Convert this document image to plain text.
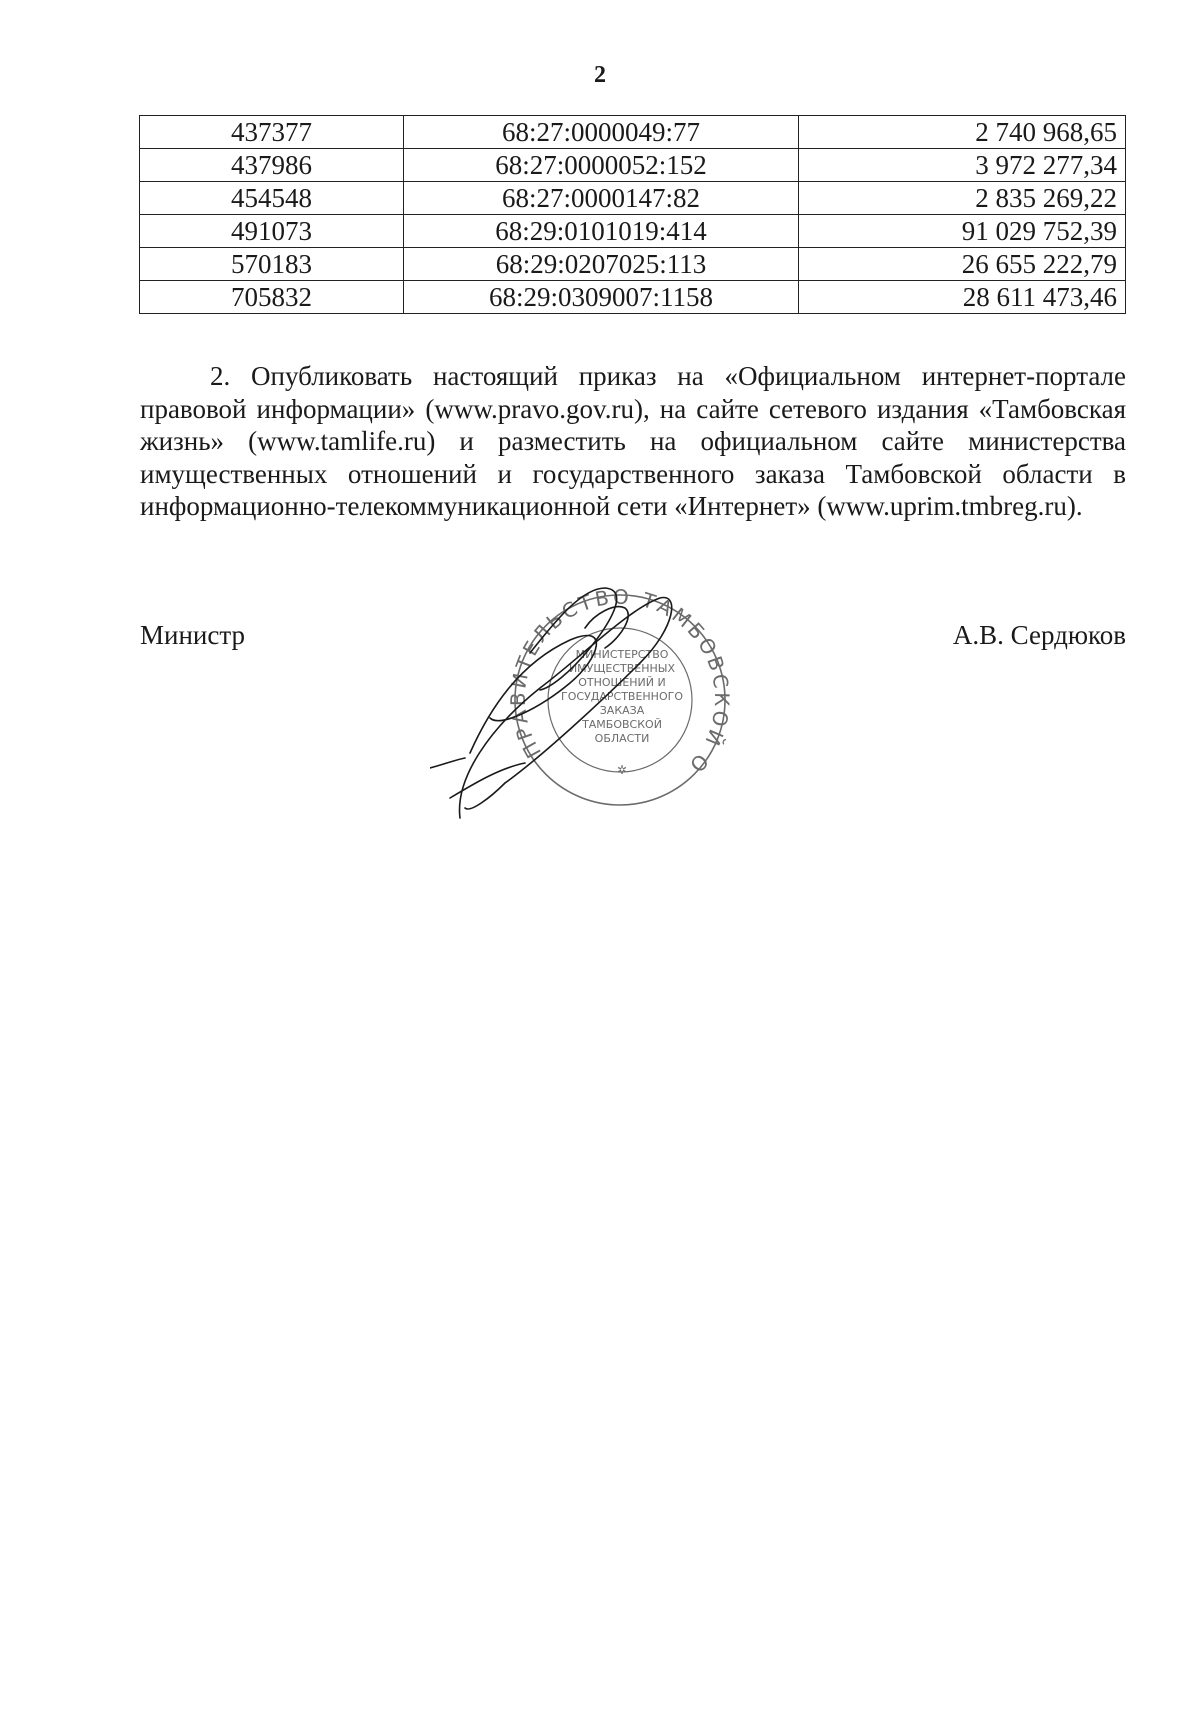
2
437377	68:27:0000049:77	2 740 968,65
437986	68:27:0000052:152	3 972 277,34
454548	68:27:0000147:82	2 835 269,22
491073	68:29:0101019:414	91 029 752,39
570183	68:29:0207025:113	26 655 222,79
705832	68:29:0309007:1158	28 611 473,46

2. Опубликовать настоящий приказ на «Официальном интернет-портале правовой информации» (www.pravo.gov.ru), на сайте сетевого издания «Тамбовская жизнь» (www.tamlife.ru) и разместить на официальном сайте министерства имущественных отношений и государственного заказа Тамбовской области в информационно-телекоммуникационной сети «Интернет» (www.uprim.tmbreg.ru).

Министр	А.В. Сердюков
ПРАВИТЕЛЬСТВО ТАМБОВСКОЙ О
МИНИСТЕРСТВО
ИМУЩЕСТВЕННЫХ
ОТНОШЕНИЙ И
ГОСУДАРСТВЕННОГО
ЗАКАЗА
ТАМБОВСКОЙ
ОБЛАСТИ
✲
